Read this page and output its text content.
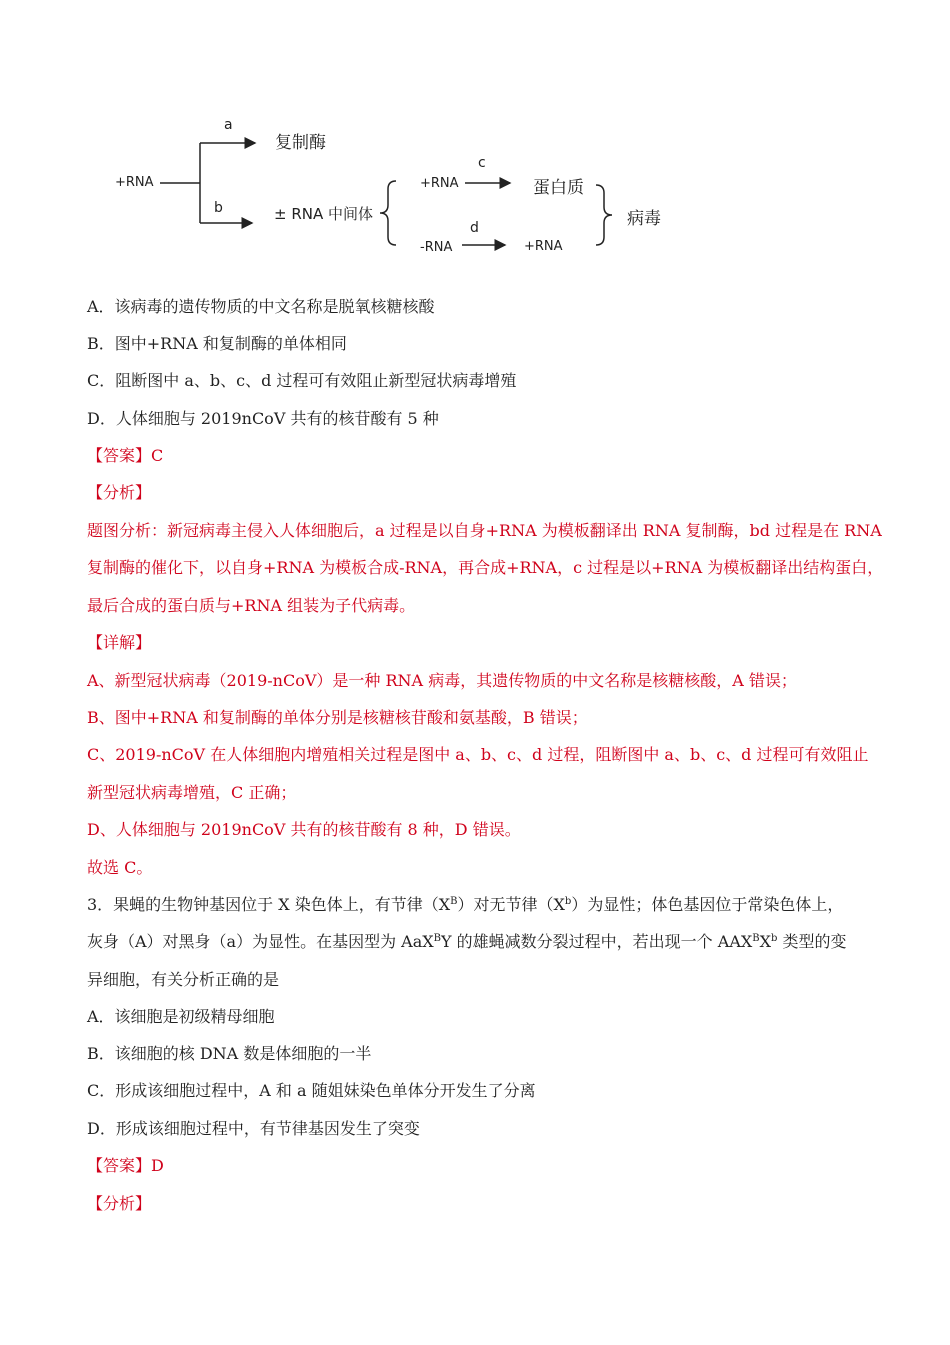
+RNA
a
b
复制酶
± RNA 中间体
+RNA
c
蛋白质
-RNA
d
+RNA
病毒
A．该病毒的遗传物质的中文名称是脱氧核糖核酸
B．图中+RNA 和复制酶的单体相同
C．阻断图中 a、b、c、d 过程可有效阻止新型冠状病毒增殖
D．人体细胞与 2019nCoV 共有的核苷酸有 5 种
【答案】C
【分析】
题图分析：新冠病毒主侵入人体细胞后，a 过程是以自身+RNA 为模板翻译出 RNA 复制酶，bd 过程是在 RNA
复制酶的催化下，以自身+RNA 为模板合成-RNA，再合成+RNA，c 过程是以+RNA 为模板翻译出结构蛋白，
最后合成的蛋白质与+RNA 组装为子代病毒。
【详解】
A、新型冠状病毒（2019-nCoV）是一种 RNA 病毒，其遗传物质的中文名称是核糖核酸，A 错误；
B、图中+RNA 和复制酶的单体分别是核糖核苷酸和氨基酸，B 错误；
C、2019-nCoV 在人体细胞内增殖相关过程是图中 a、b、c、d 过程，阻断图中 a、b、c、d 过程可有效阻止
新型冠状病毒增殖，C 正确；
D、人体细胞与 2019nCoV 共有的核苷酸有 8 种，D 错误。
故选 C。
3．果蝇的生物钟基因位于 X 染色体上，有节律$(X^B)$对无节律$(X^b)$为显性；体色基因位于常染色体上，
灰身（A）对黑身（a）为显性。在基因型为 AaX$^B$Y 的雄蝇减数分裂过程中，若出现一个 $AAX^BX^b$ 类型的变
异细胞，有关分析正确的是
A．该细胞是初级精母细胞
B．该细胞的核 DNA 数是体细胞的一半
C．形成该细胞过程中，A 和 a 随姐妹染色单体分开发生了分离
D．形成该细胞过程中，有节律基因发生了突变
【答案】D
【分析】
